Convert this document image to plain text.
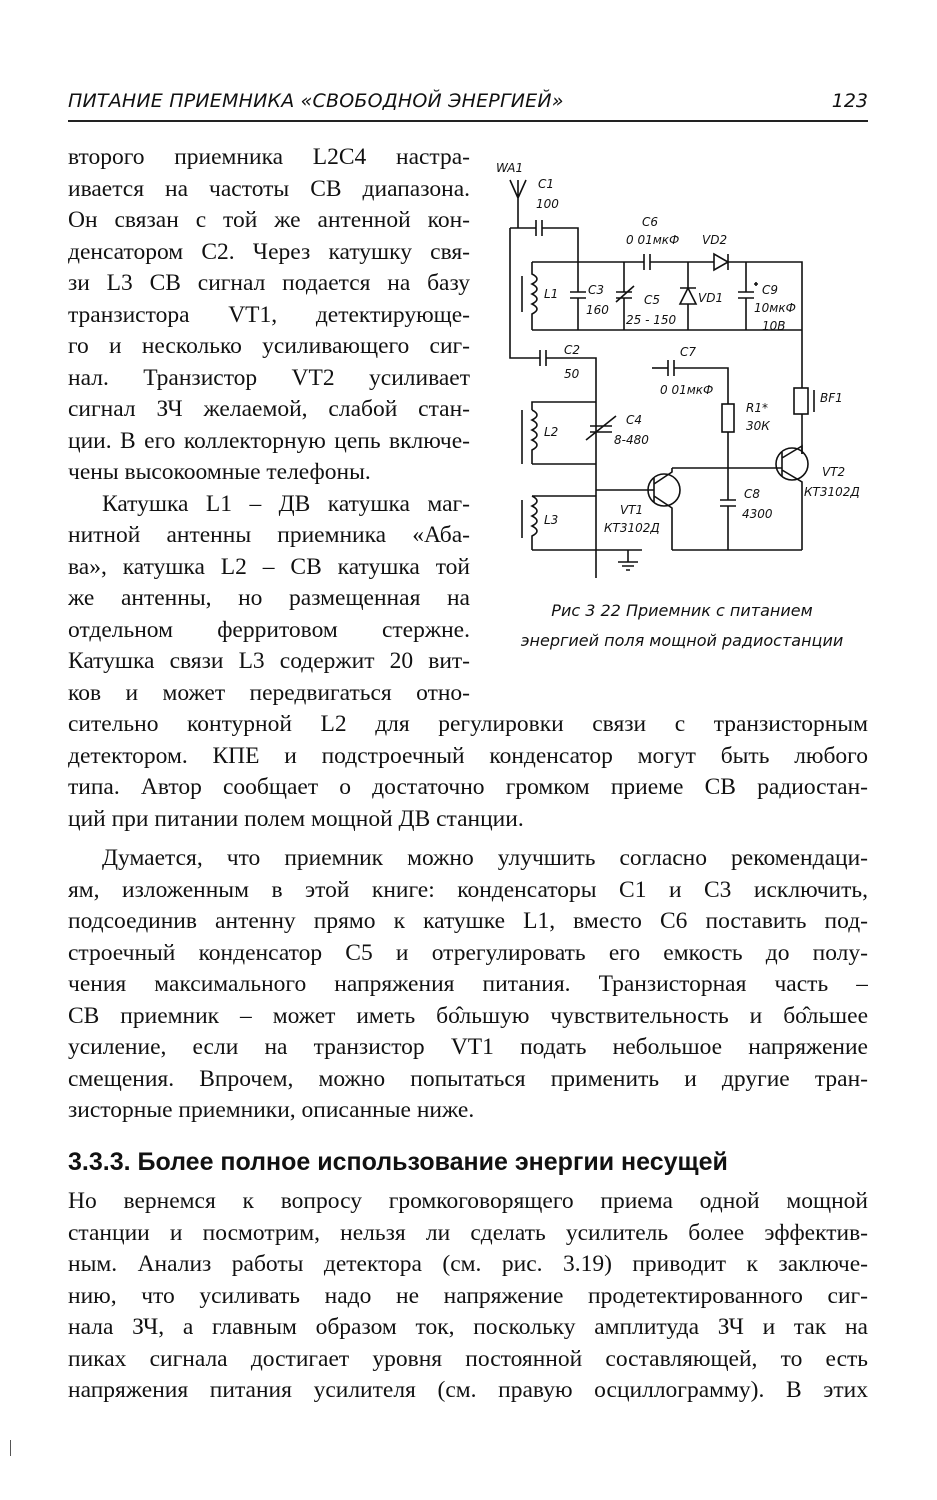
ПИТАНИЕ ПРИЕМНИКА «СВОБОДНОЙ ЭНЕРГИЕЙ»	123
второго приемника L2C4 настра-
ивается на частоты СВ диапазона.
Он связан с той же антенной кон-
денсатором C2. Через катушку свя-
зи L3 СВ сигнал подается на базу
транзистора VT1, детектирующе-
го и несколько усиливающего сиг-
нал. Транзистор VT2 усиливает
сигнал ЗЧ желаемой, слабой стан-
ции. В его коллекторную цепь включе-
чены высокоомные телефоны.
Катушка L1 – ДВ катушка маг-
нитной антенны приемника «Аба-
ва», катушка L2 – СВ катушка той
же антенны, но размещенная на
отдельном ферритовом стержне.
Катушка связи L3 содержит 20 вит-
ков и может передвигаться отно-
сительно контурной L2 для регулировки связи с транзисторным
детектором. КПЕ и подстроечный конденсатор могут быть любого
типа. Автор сообщает о достаточно громком приеме СВ радиостан-
ций при питании полем мощной ДВ станции.
Думается, что приемник можно улучшить согласно рекомендаци-
ям, изложенным в этой книге: конденсаторы C1 и C3 исключить,
подсоединив антенну прямо к катушке L1, вместо C6 поставить под-
строечный конденсатор C5 и отрегулировать его емкость до полу-
чения максимального напряжения питания. Транзисторная часть –
СВ приемник – может иметь бо̂льшую чувствительность и бо̂льшее
усиление, если на транзистор VT1 подать небольшое напряжение
смещения. Впрочем, можно попытаться применить и другие тран-
зисторные приемники, описанные ниже.
3.3.3. Более полное использование энергии несущей
Но вернемся к вопросу громкоговорящего приема одной мощной
станции и посмотрим, нельзя ли сделать усилитель более эффектив-
ным. Анализ работы детектора (см. рис. 3.19) приводит к заключе-
нию, что усиливать надо не напряжение продетектированного сиг-
нала ЗЧ, а главным образом ток, поскольку амплитуда ЗЧ и так на
пиках сигнала достигает уровня постоянной составляющей, то есть
напряжения питания усилителя (см. правую осциллограмму). В этих
WA1
C1
100
C6
0 01мкФ VD2
L1 C3
160
C5
25 - 150
VD1
C9
10мкФ
10В
C2
50
C7
0 01мкФ
BF1
R1*
30К
L2
C4
8-480
VT2
КТ3102Д
C8
4300
L3
VT1
КТ3102Д
Рис 3 22 Приемник с питанием
энергией поля мощной радиостанции
